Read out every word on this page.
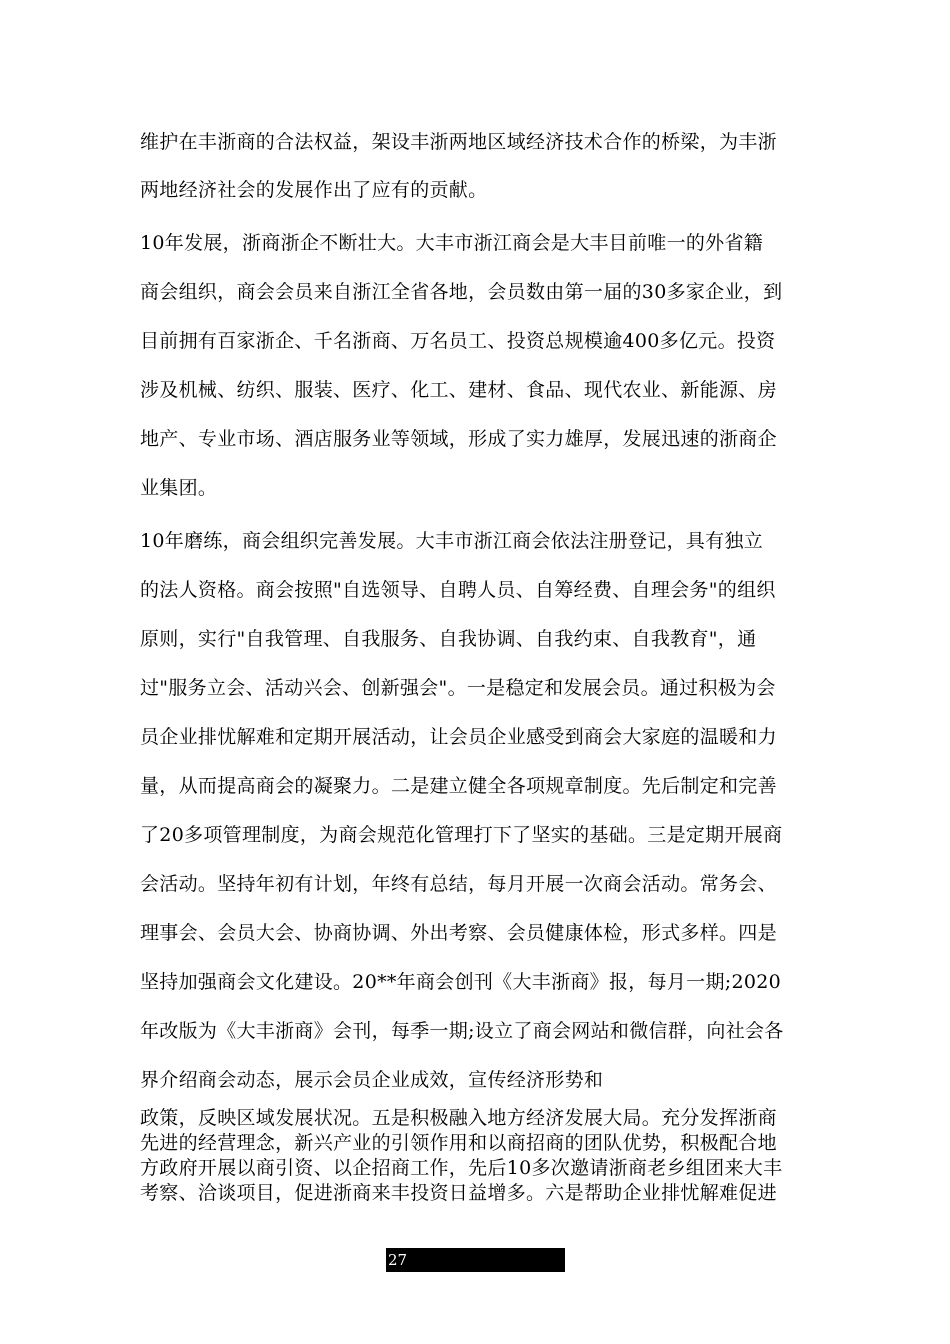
维护在丰浙商的合法权益，架设丰浙两地区域经济技术合作的桥梁，为丰浙

两地经济社会的发展作出了应有的贡献。

10年发展，浙商浙企不断壮大。大丰市浙江商会是大丰目前唯一的外省籍

商会组织，商会会员来自浙江全省各地，会员数由第一届的30多家企业，到

目前拥有百家浙企、千名浙商、万名员工、投资总规模逾400多亿元。投资

涉及机械、纺织、服装、医疗、化工、建材、食品、现代农业、新能源、房

地产、专业市场、酒店服务业等领域，形成了实力雄厚，发展迅速的浙商企

业集团。

10年磨练，商会组织完善发展。大丰市浙江商会依法注册登记，具有独立

的法人资格。商会按照"自选领导、自聘人员、自筹经费、自理会务"的组织

原则，实行"自我管理、自我服务、自我协调、自我约束、自我教育"，通

过"服务立会、活动兴会、创新强会"。一是稳定和发展会员。通过积极为会

员企业排忧解难和定期开展活动，让会员企业感受到商会大家庭的温暖和力

量，从而提高商会的凝聚力。二是建立健全各项规章制度。先后制定和完善

了20多项管理制度，为商会规范化管理打下了坚实的基础。三是定期开展商

会活动。坚持年初有计划，年终有总结，每月开展一次商会活动。常务会、

理事会、会员大会、协商协调、外出考察、会员健康体检，形式多样。四是

坚持加强商会文化建设。20**年商会创刊《大丰浙商》报，每月一期;2020

年改版为《大丰浙商》会刊，每季一期;设立了商会网站和微信群，向社会各

界介绍商会动态，展示会员企业成效，宣传经济形势和

政策，反映区域发展状况。五是积极融入地方经济发展大局。充分发挥浙商

先进的经营理念，新兴产业的引领作用和以商招商的团队优势，积极配合地

方政府开展以商引资、以企招商工作，先后10多次邀请浙商老乡组团来大丰

考察、洽谈项目，促进浙商来丰投资日益增多。六是帮助企业排忧解难促进

27
